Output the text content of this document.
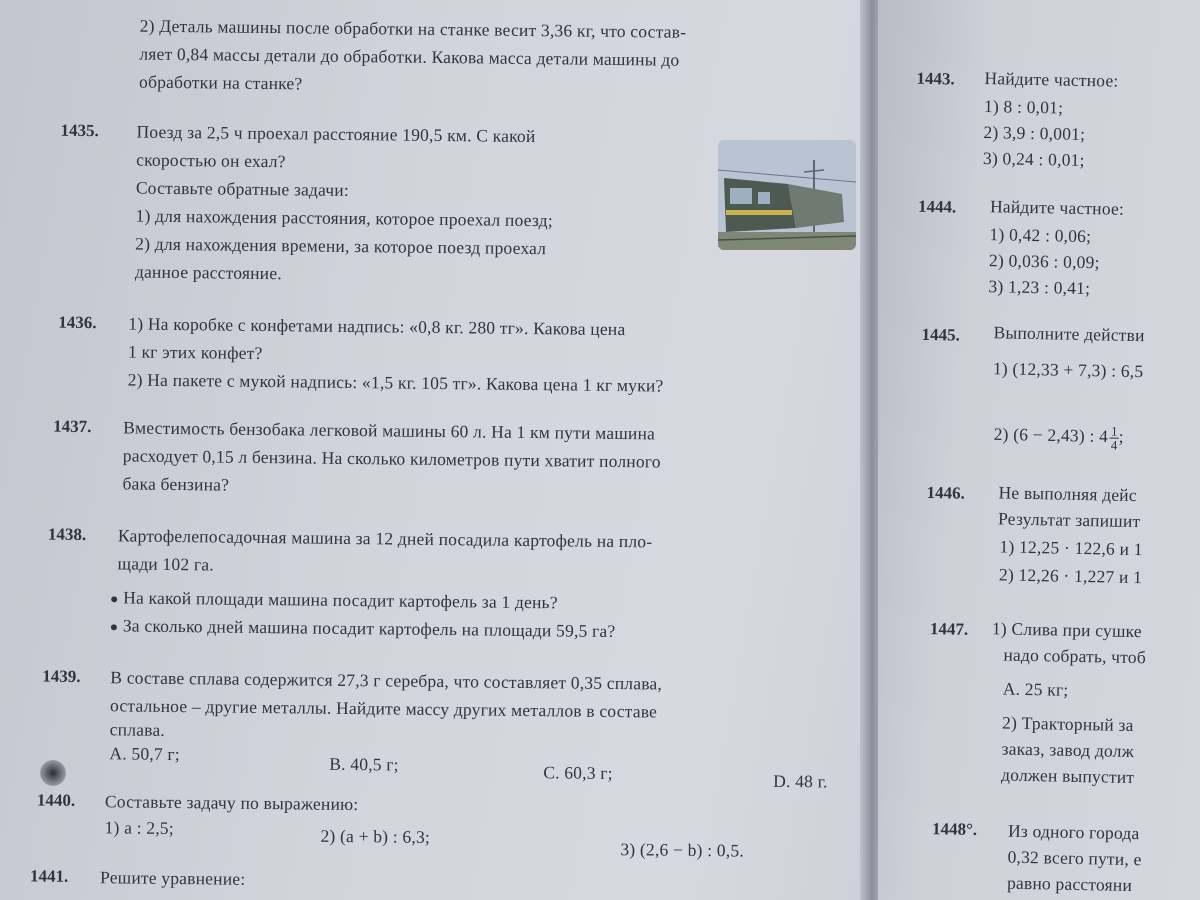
2) Деталь машины после обработки на станке весит 3,36 кг, что состав-
ляет 0,84 массы детали до обработки. Какова масса детали машины до
обработки на станке?
1435. Поезд за 2,5 ч проехал расстояние 190,5 км. С какой
скоростью он ехал?
Составьте обратные задачи:
1) для нахождения расстояния, которое проехал поезд;
2) для нахождения времени, за которое поезд проехал
данное расстояние.
1436. 1) На коробке с конфетами надпись: «0,8 кг. 280 тг». Какова цена
1 кг этих конфет?
2) На пакете с мукой надпись: «1,5 кг. 105 тг». Какова цена 1 кг муки?
1437. Вместимость бензобака легковой машины 60 л. На 1 км пути машина
расходует 0,15 л бензина. На сколько километров пути хватит полного
бака бензина?
1438. Картофелепосадочная машина за 12 дней посадила картофель на пло-
щади 102 га.
На какой площади машина посадит картофель за 1 день?
За сколько дней машина посадит картофель на площади 59,5 га?
1439. В составе сплава содержится 27,3 г серебра, что составляет 0,35 сплава,
остальное – другие металлы. Найдите массу других металлов в составе
сплава.
A. 50,7 г;
B. 40,5 г;	C. 60,3 г;	D. 48 г.
1440. Составьте задачу по выражению:
1) a : 2,5;	2) (a + b) : 6,3;
3) (2,6 − b) : 0,5.
1441. Решите уравнение:
1443. Найдите частное:
1) 8 : 0,01;
2) 3,9 : 0,001;
3) 0,24 : 0,01;
1444. Найдите частное:
1) 0,42 : 0,06;
2) 0,036 : 0,09;
3) 1,23 : 0,41;
1445. Выполните действи
1) (12,33 + 7,3) : 6,5
2) (6 − 2,43) : $4 \frac{1}{4}$ ;
1446. Не выполняя дейс
Результат запишит
1) 12,25 · 122,6 и 1
2) 12,26 · 1,227 и 1
1447. 1) Слива при сушке
надо собрать, чтоб
A. 25 кг;
2) Тракторный за
заказ, завод долж
должен выпустит
1448°. Из одного города
0,32 всего пути, е
равно расстояни
